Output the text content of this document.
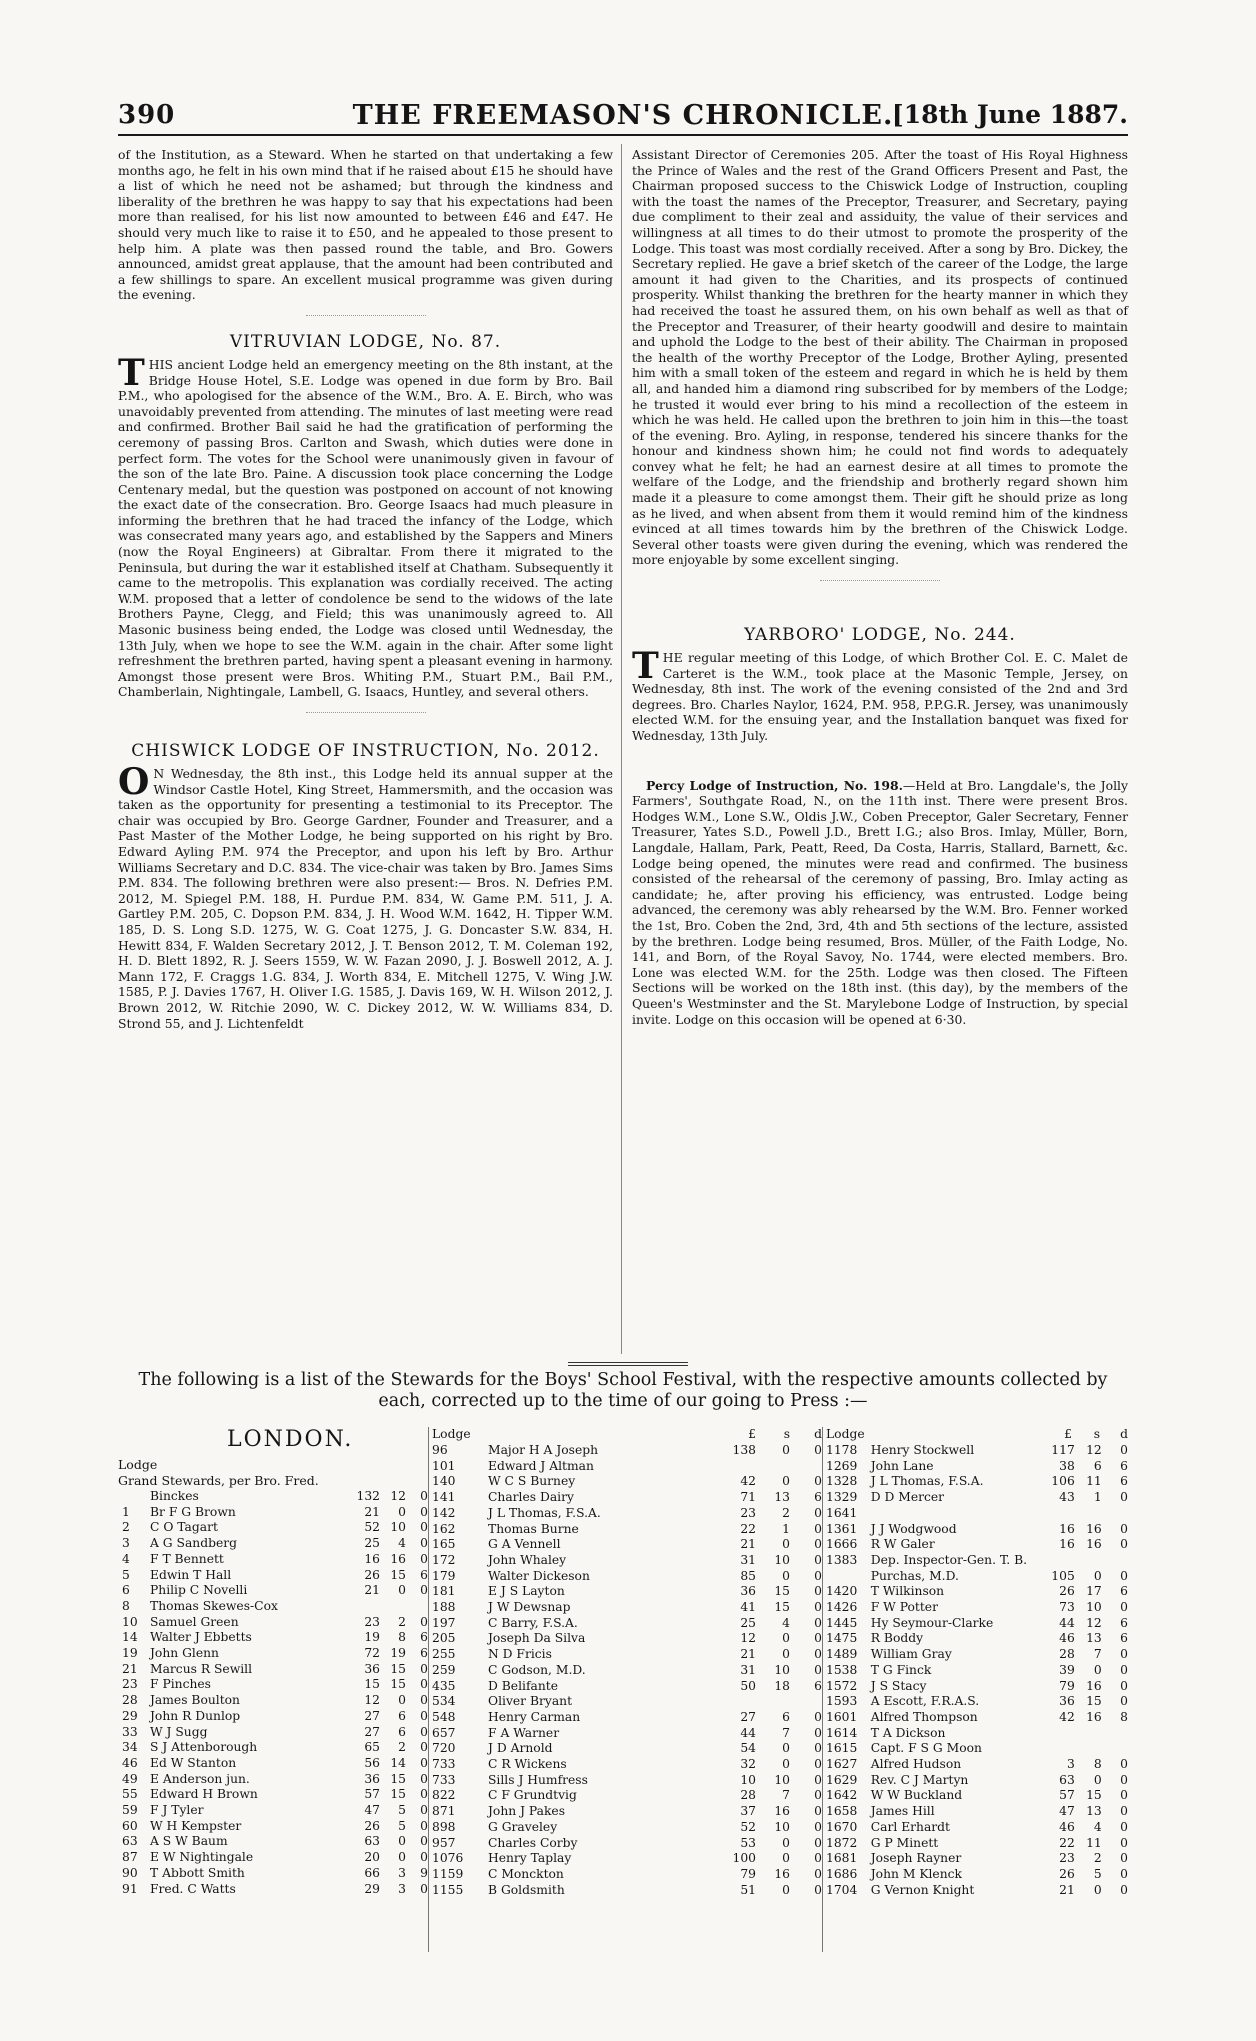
THE FREEMASON'S CHRONICLE.
390	[18th June 1887.

of the Institution, as a Steward. When he started on that undertaking a few months ago, he felt in his own mind that if he raised about £15 he should have a list of which he need not be ashamed; but through the kindness and liberality of the brethren he was happy to say that his expectations had been more than realised, for his list now amounted to between £46 and £47. He should very much like to raise it to £50, and he appealed to those present to help him. A plate was then passed round the table, and Bro. Gowers announced, amidst great applause, that the amount had been contributed and a few shillings to spare. An excellent musical programme was given during the evening.

VITRUVIAN LODGE, No. 87.

THIS ancient Lodge held an emergency meeting on the 8th instant, at the Bridge House Hotel, S.E. Lodge was opened in due form by Bro. Bail P.M., who apologised for the absence of the W.M., Bro. A. E. Birch, who was unavoidably prevented from attending. The minutes of last meeting were read and confirmed. Brother Bail said he had the gratification of performing the ceremony of passing Bros. Carlton and Swash, which duties were done in perfect form. The votes for the School were unanimously given in favour of the son of the late Bro. Paine. A discussion took place concerning the Lodge Centenary medal, but the question was postponed on account of not knowing the exact date of the consecration. Bro. George Isaacs had much pleasure in informing the brethren that he had traced the infancy of the Lodge, which was consecrated many years ago, and established by the Sappers and Miners (now the Royal Engineers) at Gibraltar. From there it migrated to the Peninsula, but during the war it established itself at Chatham. Subsequently it came to the metropolis. This explanation was cordially received. The acting W.M. proposed that a letter of condolence be send to the widows of the late Brothers Payne, Clegg, and Field; this was unanimously agreed to. All Masonic business being ended, the Lodge was closed until Wednesday, the 13th July, when we hope to see the W.M. again in the chair. After some light refreshment the brethren parted, having spent a pleasant evening in harmony. Amongst those present were Bros. Whiting P.M., Stuart P.M., Bail P.M., Chamberlain, Nightingale, Lambell, G. Isaacs, Huntley, and several others.

CHISWICK LODGE OF INSTRUCTION, No. 2012.

O N Wednesday, the 8th inst., this Lodge held its annual supper at the Windsor Castle Hotel, King Street, Hammersmith, and the occasion was taken as the opportunity for presenting a testimonial to its Preceptor. The chair was occupied by Bro. George Gardner, Founder and Treasurer, and a Past Master of the Mother Lodge, he being supported on his right by Bro. Edward Ayling P.M. 974 the Preceptor, and upon his left by Bro. Arthur Williams Secretary and D.C. 834. The vice-chair was taken by Bro. James Sims P.M. 834. The following brethren were also present:— Bros. N. Defries P.M. 2012, M. Spiegel P.M. 188, H. Purdue P.M. 834, W. Game P.M. 511, J. A. Gartley P.M. 205, C. Dopson P.M. 834, J. H. Wood W.M. 1642, H. Tipper W.M. 185, D. S. Long S.D. 1275, W. G. Coat 1275, J. G. Doncaster S.W. 834, H. Hewitt 834, F. Walden Secretary 2012, J. T. Benson 2012, T. M. Coleman 192, H. D. Blett 1892, R. J. Seers 1559, W. W. Fazan 2090, J. J. Boswell 2012, A. J. Mann 172, F. Craggs 1.G. 834, J. Worth 834, E. Mitchell 1275, V. Wing J.W. 1585, P. J. Davies 1767, H. Oliver I.G. 1585, J. Davis 169, W. H. Wilson 2012, J. Brown 2012, W. Ritchie 2090, W. C. Dickey 2012, W. W. Williams 834, D. Strond 55, and J. Lichtenfeldt

Assistant Director of Ceremonies 205. After the toast of His Royal Highness the Prince of Wales and the rest of the Grand Officers Present and Past, the Chairman proposed success to the Chiswick Lodge of Instruction, coupling with the toast the names of the Preceptor, Treasurer, and Secretary, paying due compliment to their zeal and assiduity, the value of their services and willingness at all times to do their utmost to promote the prosperity of the Lodge. This toast was most cordially received. After a song by Bro. Dickey, the Secretary replied. He gave a brief sketch of the career of the Lodge, the large amount it had given to the Charities, and its prospects of continued prosperity. Whilst thanking the brethren for the hearty manner in which they had received the toast he assured them, on his own behalf as well as that of the Preceptor and Treasurer, of their hearty goodwill and desire to maintain and uphold the Lodge to the best of their ability. The Chairman in proposed the health of the worthy Preceptor of the Lodge, Brother Ayling, presented him with a small token of the esteem and regard in which he is held by them all, and handed him a diamond ring subscribed for by members of the Lodge; he trusted it would ever bring to his mind a recollection of the esteem in which he was held. He called upon the brethren to join him in this—the toast of the evening. Bro. Ayling, in response, tendered his sincere thanks for the honour and kindness shown him; he could not find words to adequately convey what he felt; he had an earnest desire at all times to promote the welfare of the Lodge, and the friendship and brotherly regard shown him made it a pleasure to come amongst them. Their gift he should prize as long as he lived, and when absent from them it would remind him of the kindness evinced at all times towards him by the brethren of the Chiswick Lodge. Several other toasts were given during the evening, which was rendered the more enjoyable by some excellent singing.

YARBORO' LODGE, No. 244.

THE regular meeting of this Lodge, of which Brother Col. E. C. Malet de Carteret is the W.M., took place at the Masonic Temple, Jersey, on Wednesday, 8th inst. The work of the evening consisted of the 2nd and 3rd degrees. Bro. Charles Naylor, 1624, P.M. 958, P.P.G.R. Jersey, was unanimously elected W.M. for the ensuing year, and the Installation banquet was fixed for Wednesday, 13th July.

Percy Lodge of Instruction, No. 198.—Held at Bro. Langdale's, the Jolly Farmers', Southgate Road, N., on the 11th inst. There were present Bros. Hodges W.M., Lone S.W., Oldis J.W., Coben Preceptor, Galer Secretary, Fenner Treasurer, Yates S.D., Powell J.D., Brett I.G.; also Bros. Imlay, Müller, Born, Langdale, Hallam, Park, Peatt, Reed, Da Costa, Harris, Stallard, Barnett, &c. Lodge being opened, the minutes were read and confirmed. The business consisted of the rehearsal of the ceremony of passing, Bro. Imlay acting as candidate; he, after proving his efficiency, was entrusted. Lodge being advanced, the ceremony was ably rehearsed by the W.M. Bro. Fenner worked the 1st, Bro. Coben the 2nd, 3rd, 4th and 5th sections of the lecture, assisted by the brethren. Lodge being resumed, Bros. Müller, of the Faith Lodge, No. 141, and Born, of the Royal Savoy, No. 1744, were elected members. Bro. Lone was elected W.M. for the 25th. Lodge was then closed. The Fifteen Sections will be worked on the 18th inst. (this day), by the members of the Queen's Westminster and the St. Marylebone Lodge of Instruction, by special invite. Lodge on this occasion will be opened at 6·30.

The following is a list of the Stewards for the Boys' School Festival, with the respective amounts collected by each, corrected up to the time of our going to Press :—
LONDON.
Lodge
Grand Stewards, per Bro. Fred.
	Binckes	132	12	0
1	Br F G Brown	21	0	0
2	C O Tagart	52	10	0
3	A G Sandberg	25	4	0
4	F T Bennett	16	16	0
5	Edwin T Hall	26	15	6
6	Philip C Novelli	21	0	0
8	Thomas Skewes-Cox			
10	Samuel Green	23	2	0
14	Walter J Ebbetts	19	8	6
19	John Glenn	72	19	6
21	Marcus R Sewill	36	15	0
23	F Pinches	15	15	0
28	James Boulton	12	0	0
29	John R Dunlop	27	6	0
33	W J Sugg	27	6	0
34	S J Attenborough	65	2	0
46	Ed W Stanton	56	14	0
49	E Anderson jun.	36	15	0
55	Edward H Brown	57	15	0
59	F J Tyler	47	5	0
60	W H Kempster	26	5	0
63	A S W Baum	63	0	0
87	E W Nightingale	20	0	0
90	T Abbott Smith	66	3	9
91	Fred. C Watts	29	3	0
Lodge		£	s	d
96	Major H A Joseph	138	0	0
101	Edward J Altman			
140	W C S Burney	42	0	0
141	Charles Dairy	71	13	6
142	J L Thomas, F.S.A.	23	2	0
162	Thomas Burne	22	1	0
165	G A Vennell	21	0	0
172	John Whaley	31	10	0
179	Walter Dickeson	85	0	0
181	E J S Layton	36	15	0
188	J W Dewsnap	41	15	0
197	C Barry, F.S.A.	25	4	0
205	Joseph Da Silva	12	0	0
255	N D Fricis	21	0	0
259	C Godson, M.D.	31	10	0
435	D Belifante	50	18	6
534	Oliver Bryant			
548	Henry Carman	27	6	0
657	F A Warner	44	7	0
720	J D Arnold	54	0	0
733	C R Wickens	32	0	0
733	Sills J Humfress	10	10	0
822	C F Grundtvig	28	7	0
871	John J Pakes	37	16	0
898	G Graveley	52	10	0
957	Charles Corby	53	0	0
1076	Henry Taplay	100	0	0
1159	C Monckton	79	16	0
1155	B Goldsmith	51	0	0
Lodge		£	s	d
1178	Henry Stockwell	117	12	0
1269	John Lane	38	6	6
1328	J L Thomas, F.S.A.	106	11	6
1329	D D Mercer	43	1	0
1641				
1361	J J Wodgwood	16	16	0
1666	R W Galer	16	16	0
1383	Dep. Inspector-Gen. T. B.			
	Purchas, M.D.	105	0	0
1420	T Wilkinson	26	17	6
1426	F W Potter	73	10	0
1445	Hy Seymour-Clarke	44	12	6
1475	R Boddy	46	13	6
1489	William Gray	28	7	0
1538	T G Finck	39	0	0
1572	J S Stacy	79	16	0
1593	A Escott, F.R.A.S.	36	15	0
1601	Alfred Thompson	42	16	8
1614	T A Dickson			
1615	Capt. F S G Moon			
1627	Alfred Hudson	3	8	0
1629	Rev. C J Martyn	63	0	0
1642	W W Buckland	57	15	0
1658	James Hill	47	13	0
1670	Carl Erhardt	46	4	0
1872	G P Minett	22	11	0
1681	Joseph Rayner	23	2	0
1686	John M Klenck	26	5	0
1704	G Vernon Knight	21	0	0
